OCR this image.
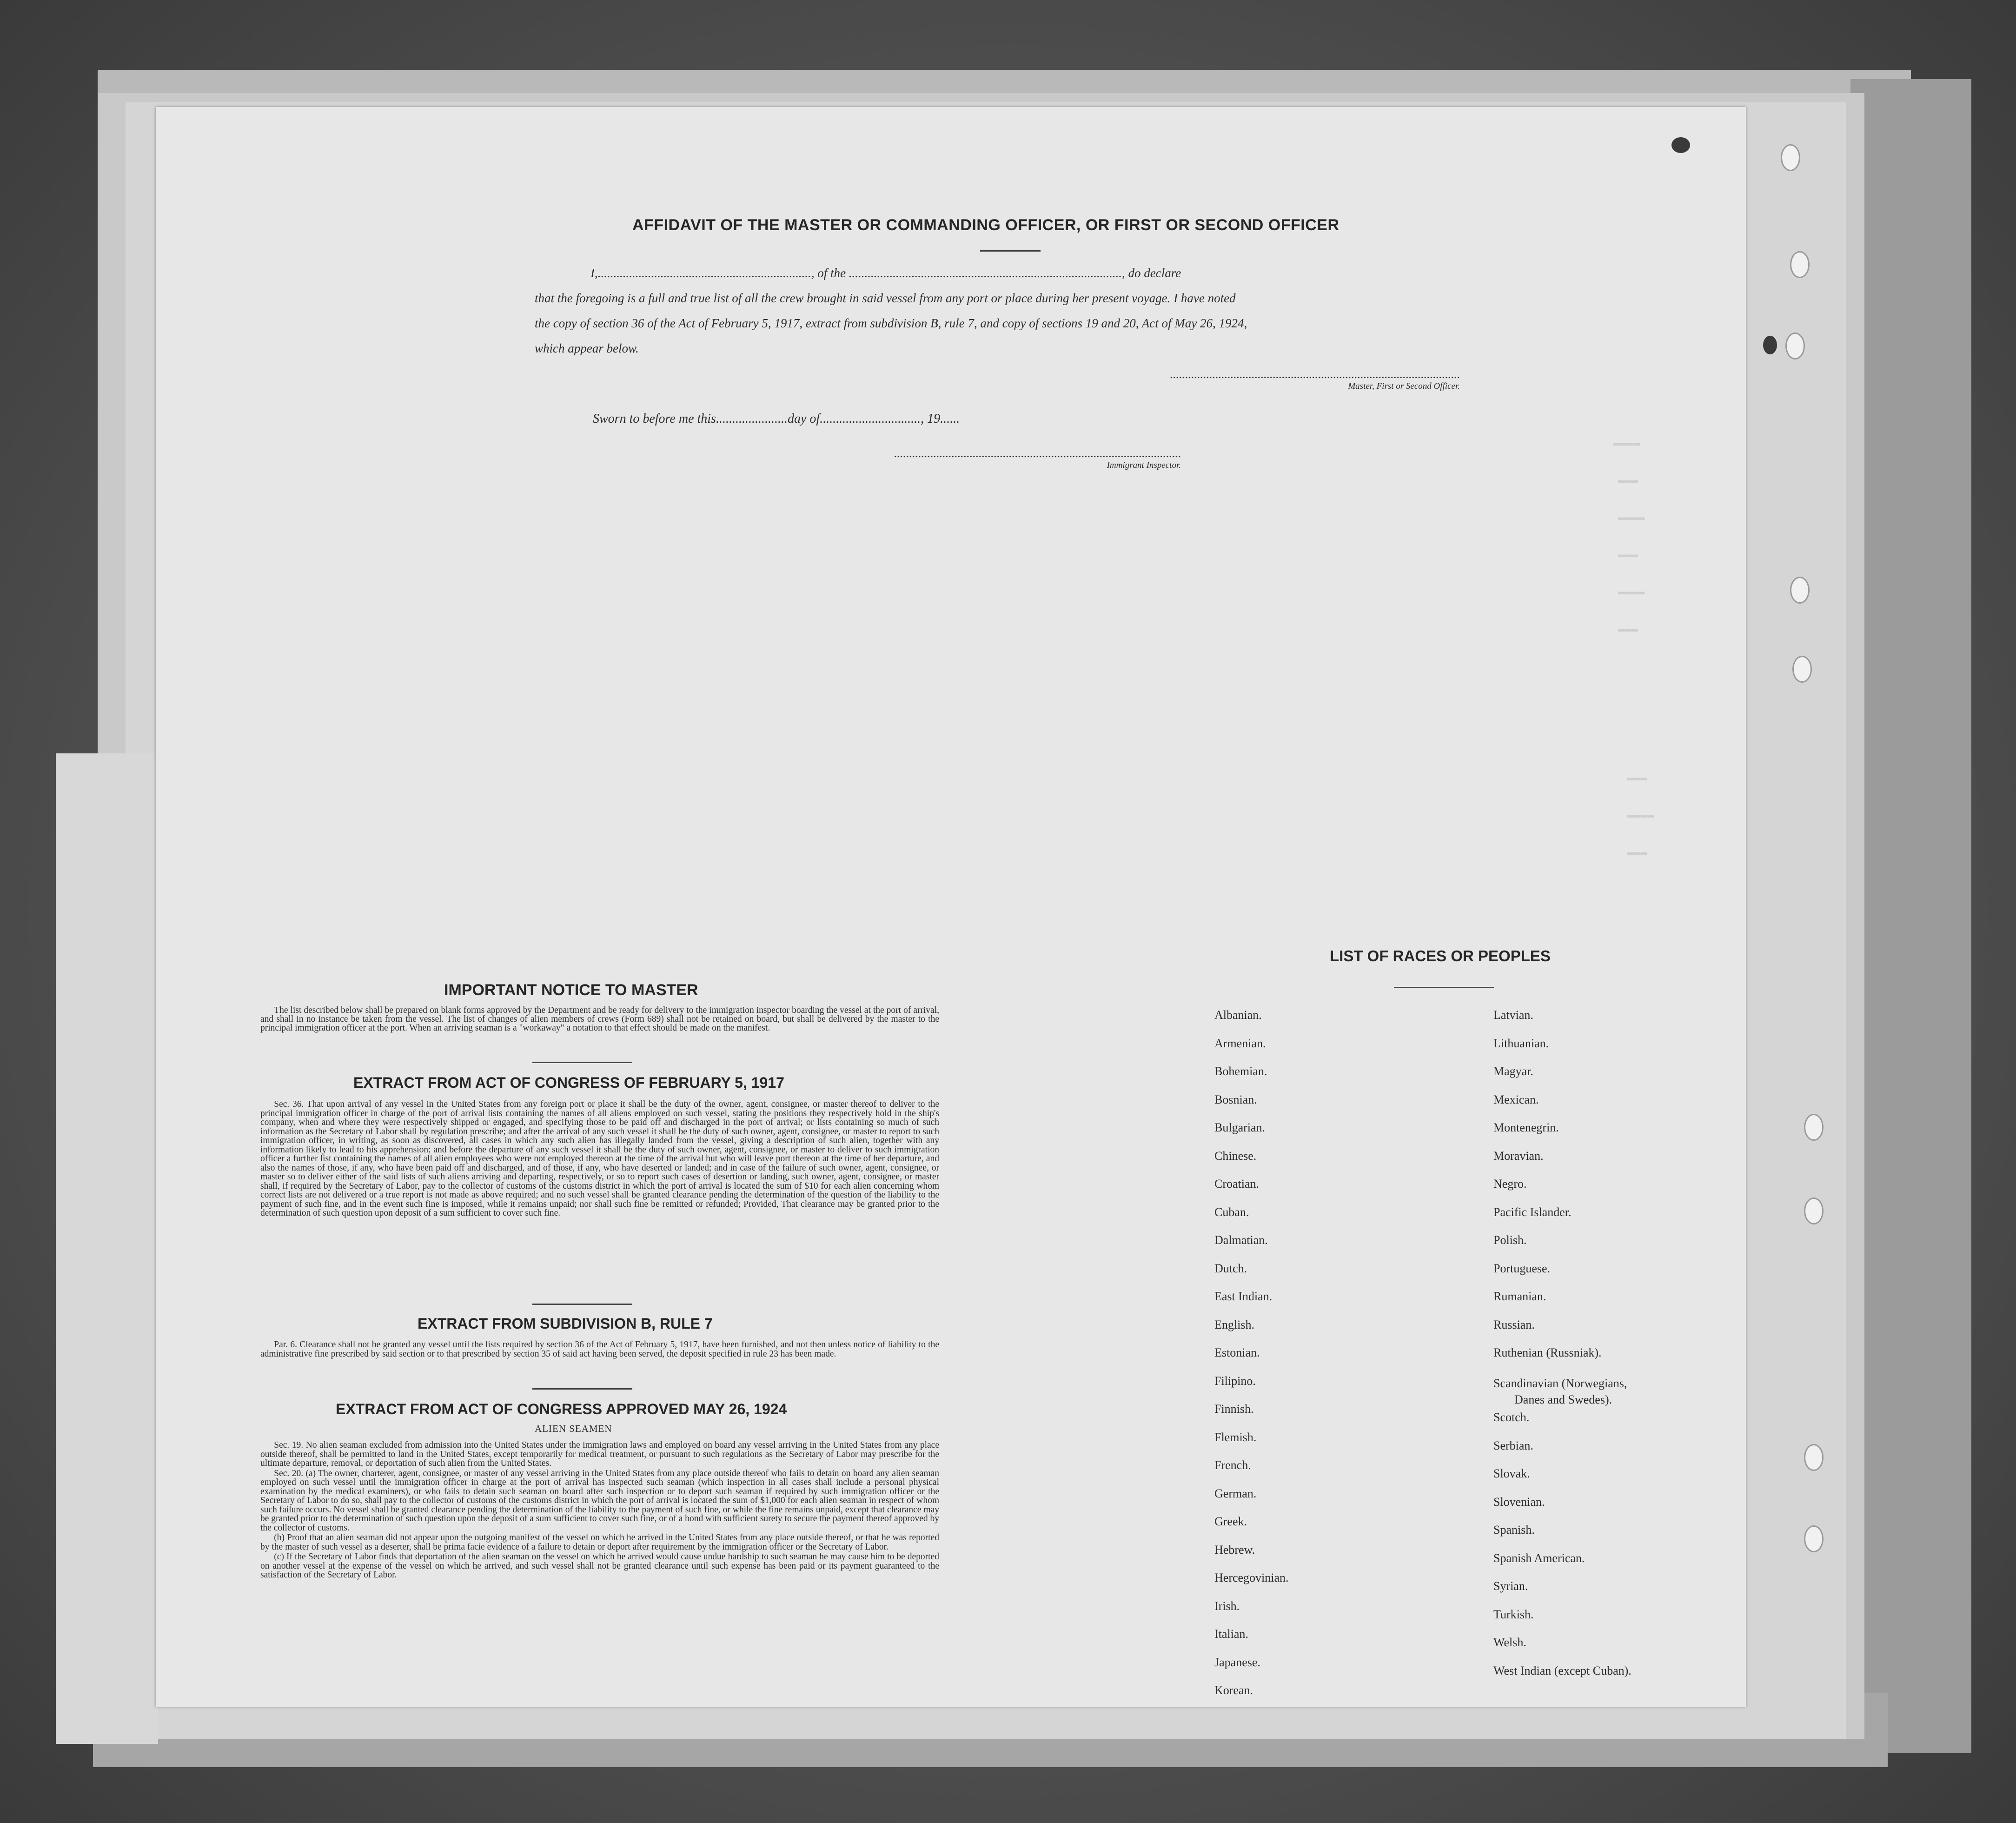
▬▬▬▬
▬▬▬
▬▬▬▬
▬▬▬
▬▬▬▬
▬▬▬
▬▬▬
▬▬▬▬
▬▬▬
AFFIDAVIT OF THE MASTER OR COMMANDING OFFICER, OR FIRST OR SECOND OFFICER
I,...................................................................., of the ......................................................................................., do declare
that the foregoing is a full and true list of all the crew brought in said vessel from any port or place during her present voyage. I have noted
the copy of section 36 of the Act of February 5, 1917, extract from subdivision B, rule 7, and copy of sections 19 and 20, Act of May 26, 1924,
which appear below.
................................................................................................
Master, First or Second Officer.
Sworn to before me this......................day of..............................., 19......
...............................................................................................
Immigrant Inspector.
IMPORTANT NOTICE TO MASTER
The list described below shall be prepared on blank forms approved by the Department and be ready for delivery to the immigration inspector boarding the vessel at the port of arrival, and shall in no instance be taken from the vessel. The list of changes of alien members of crews (Form 689) shall not be retained on board, but shall be delivered by the master to the principal immigration officer at the port. When an arriving seaman is a "workaway" a notation to that effect should be made on the manifest.
EXTRACT FROM ACT OF CONGRESS OF FEBRUARY 5, 1917
Sec. 36. That upon arrival of any vessel in the United States from any foreign port or place it shall be the duty of the owner, agent, consignee, or master thereof to deliver to the principal immigration officer in charge of the port of arrival lists containing the names of all aliens employed on such vessel, stating the positions they respectively hold in the ship's company, when and where they were respectively shipped or engaged, and specifying those to be paid off and discharged in the port of arrival; or lists containing so much of such information as the Secretary of Labor shall by regulation prescribe; and after the arrival of any such vessel it shall be the duty of such owner, agent, consignee, or master to report to such immigration officer, in writing, as soon as discovered, all cases in which any such alien has illegally landed from the vessel, giving a description of such alien, together with any information likely to lead to his apprehension; and before the departure of any such vessel it shall be the duty of such owner, agent, consignee, or master to deliver to such immigration officer a further list containing the names of all alien employees who were not employed thereon at the time of the arrival but who will leave port thereon at the time of her departure, and also the names of those, if any, who have been paid off and discharged, and of those, if any, who have deserted or landed; and in case of the failure of such owner, agent, consignee, or master so to deliver either of the said lists of such aliens arriving and departing, respectively, or so to report such cases of desertion or landing, such owner, agent, consignee, or master shall, if required by the Secretary of Labor, pay to the collector of customs of the customs district in which the port of arrival is located the sum of $10 for each alien concerning whom correct lists are not delivered or a true report is not made as above required; and no such vessel shall be granted clearance pending the determination of the question of the liability to the payment of such fine, and in the event such fine is imposed, while it remains unpaid; nor shall such fine be remitted or refunded; Provided, That clearance may be granted prior to the determination of such question upon deposit of a sum sufficient to cover such fine.
EXTRACT FROM SUBDIVISION B, RULE 7
Par. 6. Clearance shall not be granted any vessel until the lists required by section 36 of the Act of February 5, 1917, have been furnished, and not then unless notice of liability to the administrative fine prescribed by said section or to that prescribed by section 35 of said act having been served, the deposit specified in rule 23 has been made.
EXTRACT FROM ACT OF CONGRESS APPROVED MAY 26, 1924
ALIEN SEAMEN

Sec. 19. No alien seaman excluded from admission into the United States under the immigration laws and employed on board any vessel arriving in the United States from any place outside thereof, shall be permitted to land in the United States, except temporarily for medical treatment, or pursuant to such regulations as the Secretary of Labor may prescribe for the ultimate departure, removal, or deportation of such alien from the United States.

Sec. 20. (a) The owner, charterer, agent, consignee, or master of any vessel arriving in the United States from any place outside thereof who fails to detain on board any alien seaman employed on such vessel until the immigration officer in charge at the port of arrival has inspected such seaman (which inspection in all cases shall include a personal physical examination by the medical examiners), or who fails to detain such seaman on board after such inspection or to deport such seaman if required by such immigration officer or the Secretary of Labor to do so, shall pay to the collector of customs of the customs district in which the port of arrival is located the sum of $1,000 for each alien seaman in respect of whom such failure occurs. No vessel shall be granted clearance pending the determination of the liability to the payment of such fine, or while the fine remains unpaid, except that clearance may be granted prior to the determination of such question upon the deposit of a sum sufficient to cover such fine, or of a bond with sufficient surety to secure the payment thereof approved by the collector of customs.

(b) Proof that an alien seaman did not appear upon the outgoing manifest of the vessel on which he arrived in the United States from any place outside thereof, or that he was reported by the master of such vessel as a deserter, shall be prima facie evidence of a failure to detain or deport after requirement by the immigration officer or the Secretary of Labor.

(c) If the Secretary of Labor finds that deportation of the alien seaman on the vessel on which he arrived would cause undue hardship to such seaman he may cause him to be deported on another vessel at the expense of the vessel on which he arrived, and such vessel shall not be granted clearance until such expense has been paid or its payment guaranteed to the satisfaction of the Secretary of Labor.

LIST OF RACES OR PEOPLES
Albanian.
Armenian.
Bohemian.
Bosnian.
Bulgarian.
Chinese.
Croatian.
Cuban.
Dalmatian.
Dutch.
East Indian.
English.
Estonian.
Filipino.
Finnish.
Flemish.
French.
German.
Greek.
Hebrew.
Hercegovinian.
Irish.
Italian.
Japanese.
Korean.
Latvian.
Lithuanian.
Magyar.
Mexican.
Montenegrin.
Moravian.
Negro.
Pacific Islander.
Polish.
Portuguese.
Rumanian.
Russian.
Ruthenian (Russniak).
Scandinavian (Norwegians,
Danes and Swedes).
Scotch.
Serbian.
Slovak.
Slovenian.
Spanish.
Spanish American.
Syrian.
Turkish.
Welsh.
West Indian (except Cuban).
